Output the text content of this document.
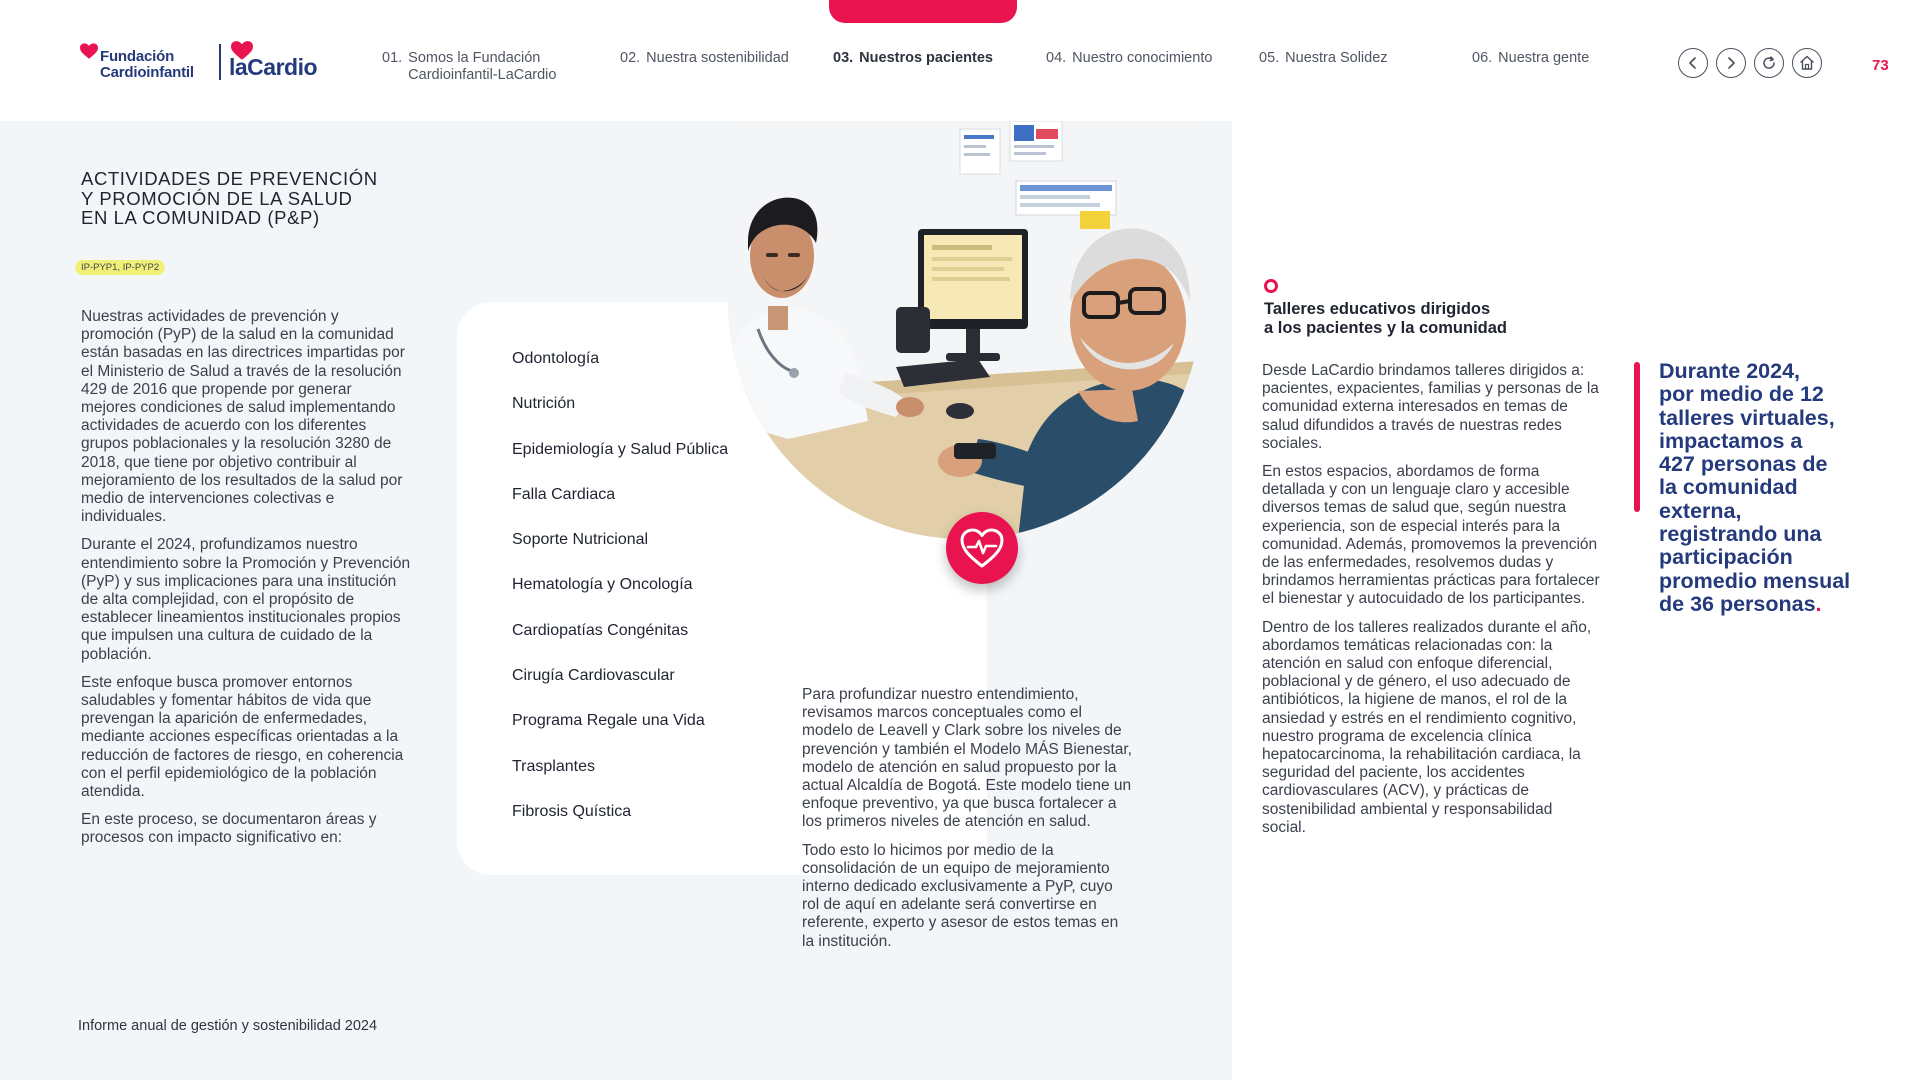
Fundación
Cardioinfantil laCardio	01. Somos la Fundación
Cardioinfantil-LaCardio
02. Nuestra sostenibilidad	03. Nuestros pacientes	04. Nuestro conocimiento	05. Nuestra Solidez	06. Nuestra gente	73
ACTIVIDADES DE PREVENCIÓN
Y PROMOCIÓN DE LA SALUD
EN LA COMUNIDAD (P&P)
IP-PYP1, IP-PYP2

Nuestras actividades de prevención y promoción (PyP) de la salud en la comunidad están basadas en las directrices impartidas por el Ministerio de Salud a través de la resolución 429 de 2016 que propende por generar mejores condiciones de salud implementando actividades de acuerdo con los diferentes grupos poblacionales y la resolución 3280 de 2018, que tiene por objetivo contribuir al mejoramiento de los resultados de la salud por medio de intervenciones colectivas e individuales.

Durante el 2024, profundizamos nuestro entendimiento sobre la Promoción y Prevención (PyP) y sus implicaciones para una institución de alta complejidad, con el propósito de establecer lineamientos institucionales propios que impulsen una cultura de cuidado de la población.

Este enfoque busca promover entornos saludables y fomentar hábitos de vida que prevengan la aparición de enfermedades, mediante acciones específicas orientadas a la reducción de factores de riesgo, en coherencia con el perfil epidemiológico de la población atendida.

En este proceso, se documentaron áreas y procesos con impacto significativo en:

Odontología
Nutrición
Epidemiología y Salud Pública
Falla Cardiaca
Soporte Nutricional
Hematología y Oncología
Cardiopatías Congénitas
Cirugía Cardiovascular
Programa Regale una Vida
Trasplantes
Fibrosis Quística

Para profundizar nuestro entendimiento, revisamos marcos conceptuales como el modelo de Leavell y Clark sobre los niveles de prevención y también el Modelo MÁS Bienestar, modelo de atención en salud propuesto por la actual Alcaldía de Bogotá. Este modelo tiene un enfoque preventivo, ya que busca fortalecer a los primeros niveles de atención en salud.

Todo esto lo hicimos por medio de la consolidación de un equipo de mejoramiento interno dedicado exclusivamente a PyP, cuyo rol de aquí en adelante será convertirse en referente, experto y asesor de estos temas en la institución.

Talleres educativos dirigidos
a los pacientes y la comunidad

Desde LaCardio brindamos talleres dirigidos a: pacientes, expacientes, familias y personas de la comunidad externa interesados en temas de salud difundidos a través de nuestras redes sociales.

En estos espacios, abordamos de forma detallada y con un lenguaje claro y accesible diversos temas de salud que, según nuestra experiencia, son de especial interés para la comunidad. Además, promovemos la prevención de las enfermedades, resolvemos dudas y brindamos herramientas prácticas para fortalecer el bienestar y autocuidado de los participantes.

Dentro de los talleres realizados durante el año, abordamos temáticas relacionadas con: la atención en salud con enfoque diferencial, poblacional y de género, el uso adecuado de antibióticos, la higiene de manos, el rol de la ansiedad y estrés en el rendimiento cognitivo, nuestro programa de excelencia clínica hepatocarcinoma, la rehabilitación cardiaca, la seguridad del paciente, los accidentes cardiovasculares (ACV), y prácticas de sostenibilidad ambiental y responsabilidad social.

Durante 2024,
por medio de 12
talleres virtuales,
impactamos a
427 personas de
la comunidad
externa,
registrando una
participación
promedio mensual
de 36 personas.
Informe anual de gestión y sostenibilidad 2024
